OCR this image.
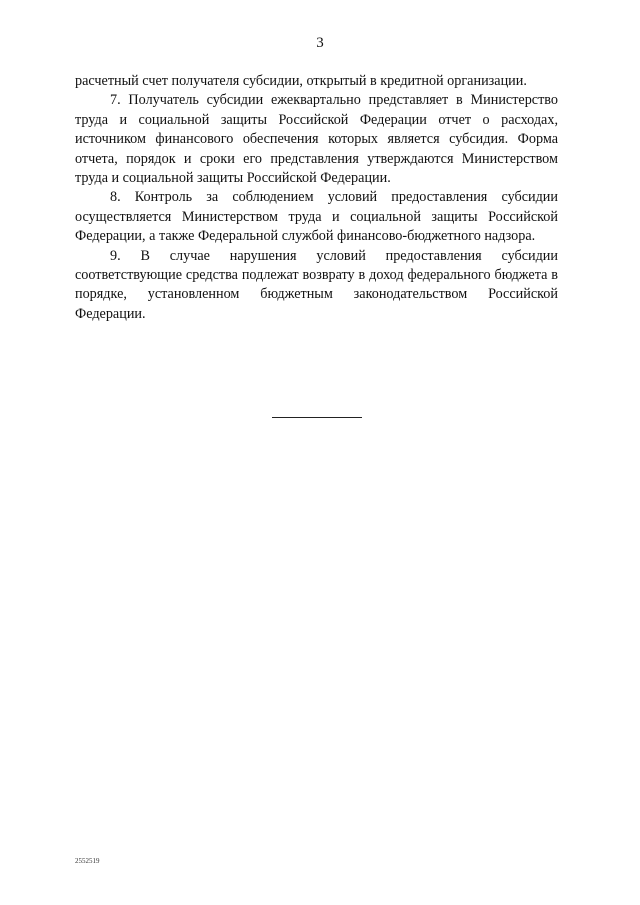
3

расчетный счет получателя субсидии, открытый в кредитной организации.

7. Получатель субсидии ежеквартально представляет в Министерство труда и социальной защиты Российской Федерации отчет о расходах, источником финансового обеспечения которых является субсидия. Форма отчета, порядок и сроки его представления утверждаются Министерством труда и социальной защиты Российской Федерации.

8. Контроль за соблюдением условий предоставления субсидии осуществляется Министерством труда и социальной защиты Российской Федерации, а также Федеральной службой финансово-бюджетного надзора.

9. В случае нарушения условий предоставления субсидии соответствующие средства подлежат возврату в доход федерального бюджета в порядке, установленном бюджетным законодательством Российской Федерации.

2552519
